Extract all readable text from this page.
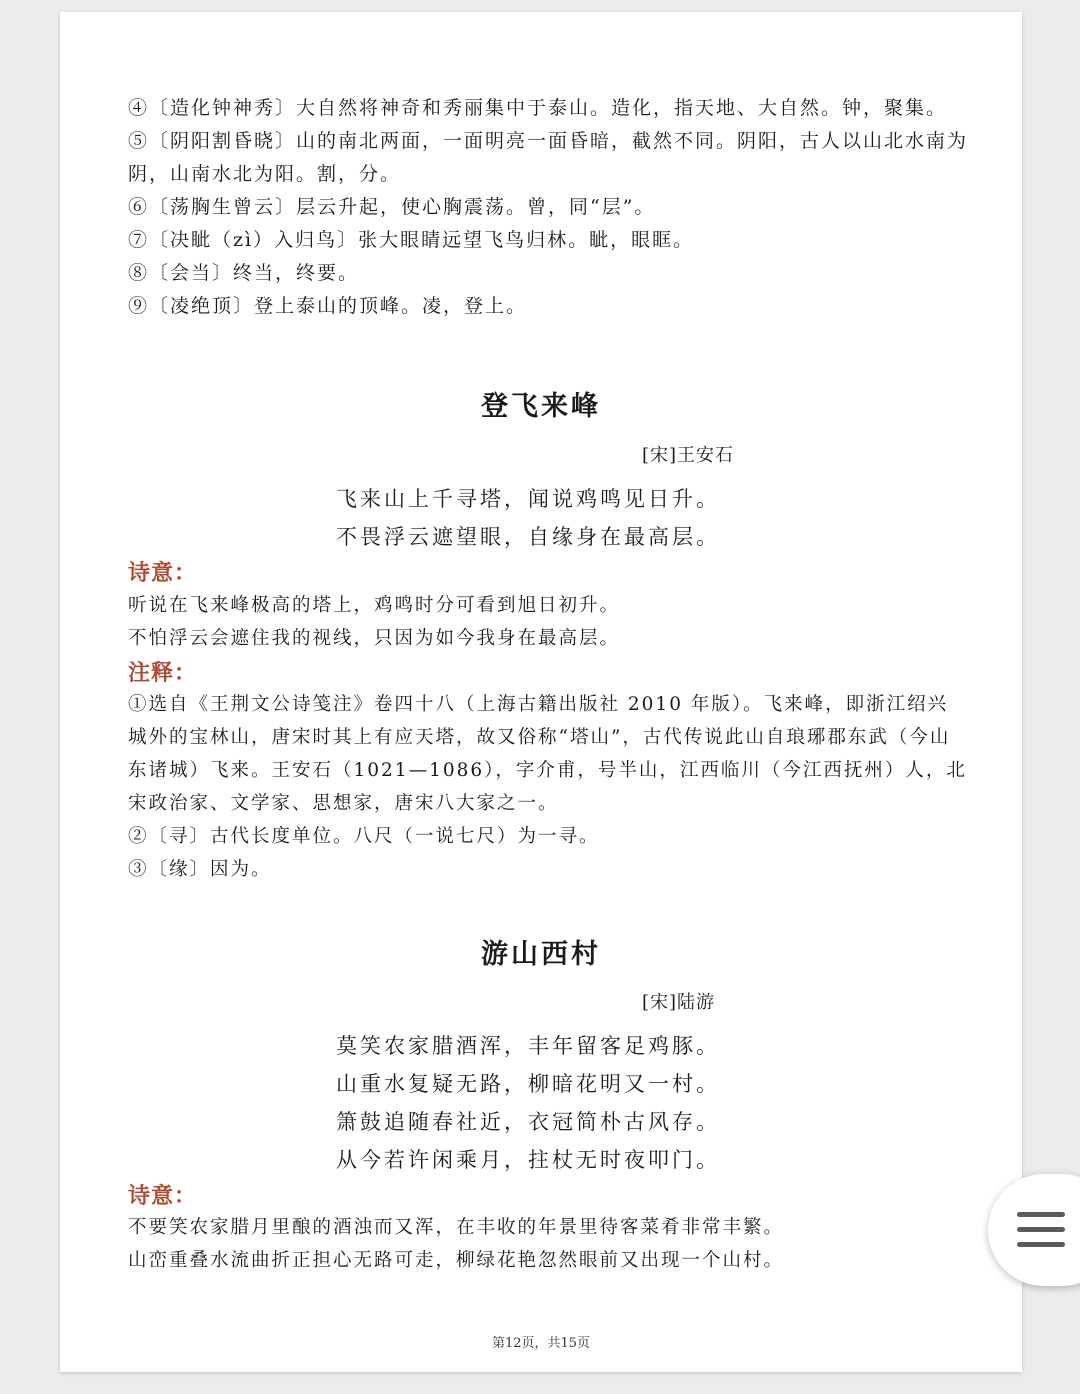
④〔造化钟神秀〕大自然将神奇和秀丽集中于泰山。造化，指天地、大自然。钟，聚集。

⑤〔阴阳割昏晓〕山的南北两面，一面明亮一面昏暗，截然不同。阴阳，古人以山北水南为阴，山南水北为阳。割，分。

⑥〔荡胸生曾云〕层云升起，使心胸震荡。曾，同“层”。

⑦〔决眦（zì）入归鸟〕张大眼睛远望飞鸟归林。眦，眼眶。

⑧〔会当〕终当，终要。

⑨〔凌绝顶〕登上泰山的顶峰。凌，登上。

登飞来峰
[宋]王安石
飞来山上千寻塔，闻说鸡鸣见日升。
不畏浮云遮望眼，自缘身在最高层。
诗意：

听说在飞来峰极高的塔上，鸡鸣时分可看到旭日初升。

不怕浮云会遮住我的视线，只因为如今我身在最高层。

注释：

①选自《王荆文公诗笺注》卷四十八（上海古籍出版社 2010 年版）。飞来峰，即浙江绍兴城外的宝林山，唐宋时其上有应天塔，故又俗称“塔山”，古代传说此山自琅琊郡东武（今山东诸城）飞来。王安石（1021—1086），字介甫，号半山，江西临川（今江西抚州）人，北宋政治家、文学家、思想家，唐宋八大家之一。

②〔寻〕古代长度单位。八尺（一说七尺）为一寻。

③〔缘〕因为。

游山西村
[宋]陆游
莫笑农家腊酒浑，丰年留客足鸡豚。
山重水复疑无路，柳暗花明又一村。
箫鼓追随春社近，衣冠简朴古风存。
从今若许闲乘月，拄杖无时夜叩门。
诗意：

不要笑农家腊月里酿的酒浊而又浑，在丰收的年景里待客菜肴非常丰繁。

山峦重叠水流曲折正担心无路可走，柳绿花艳忽然眼前又出现一个山村。

第12页，共15页
